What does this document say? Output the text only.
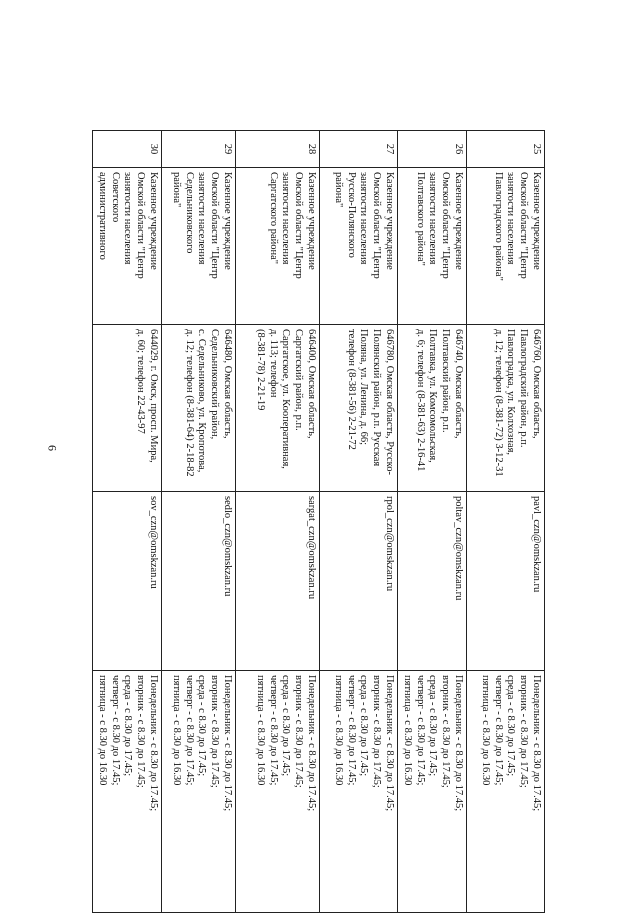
6
25	Казенное учреждение
Омской области "Центр
занятости населения
Павлоградского района"	646760, Омская область,
Павлоградский район, р.п.
Павлоградка, ул. Колхозная,
д. 12; телефон (8-381-72) 3-12-31	pavl_czn@omskzan.ru	Понедельник - с 8.30 до 17.45;
вторник - с 8.30 до 17.45;
среда - с 8.30 до 17.45;
четверг - с 8.30 до 17.45;
пятница - с 8.30 до 16.30

26	Казенное учреждение
Омской области "Центр
занятости населения
Полтавского района"	646740, Омская область,
Полтавский район, р.п.
Полтавка, ул. Комсомольская,
д. 6; телефон (8-381-63) 2-16-41	poltav_czn@omskzan.ru	Понедельник - с 8.30 до 17.45;
вторник - с 8.30 до 17.45;
среда - с 8.30 до 17.45;
четверг - с 8.30 до 17.45;
пятница - с 8.30 до 16.30

27	Казенное учреждение
Омской области "Центр
занятости населения
Русско-Полянского
района"	646780, Омская область, Русско-
Полянский район, р.п. Русская
Поляна, ул. Ленина, д. 66;
телефон (8-381-56) 2-21-72	rpol_czn@omskzan.ru	Понедельник - с 8.30 до 17.45;
вторник - с 8.30 до 17.45;
среда - с 8.30 до 17.45;
четверг - с 8.30 до 17.45;
пятница - с 8.30 до 16.30

28	Казенное учреждение
Омской области "Центр
занятости населения
Саргатского района"	646400, Омская область,
Саргатский район, р.п.
Саргатское, ул. Кооперативная,
д. 113; телефон
(8-381-78) 2-21-19	sargat_czn@omskzan.ru	Понедельник - с 8.30 до 17.45;
вторник - с 8.30 до 17.45;
среда - с 8.30 до 17.45;
четверг - с 8.30 до 17.45;
пятница - с 8.30 до 16.30

29	Казенное учреждение
Омской области "Центр
занятости населения
Седельниковского
района"	646480, Омская область,
Седельниковский район,
с. Седельниково, ул. Кропотова,
д. 12; телефон (8-381-64) 2-18-82	sedlo_czn@omskzan.ru	Понедельник - с 8.30 до 17.45;
вторник - с 8.30 до 17.45;
среда - с 8.30 до 17.45;
четверг - с 8.30 до 17.45;
пятница - с 8.30 до 16.30

30	Казенное учреждение
Омской области "Центр
занятости населения
Советского
административного	644029, г. Омск, просп. Мира,
д. 60; телефон 22-43-97	sov_czn@omskzan.ru	Понедельник - с 8.30 до 17.45;
вторник - с 8.30 до 17.45;
среда - с 8.30 до 17.45;
четверг - с 8.30 до 17.45;
пятница - с 8.30 до 16.30
